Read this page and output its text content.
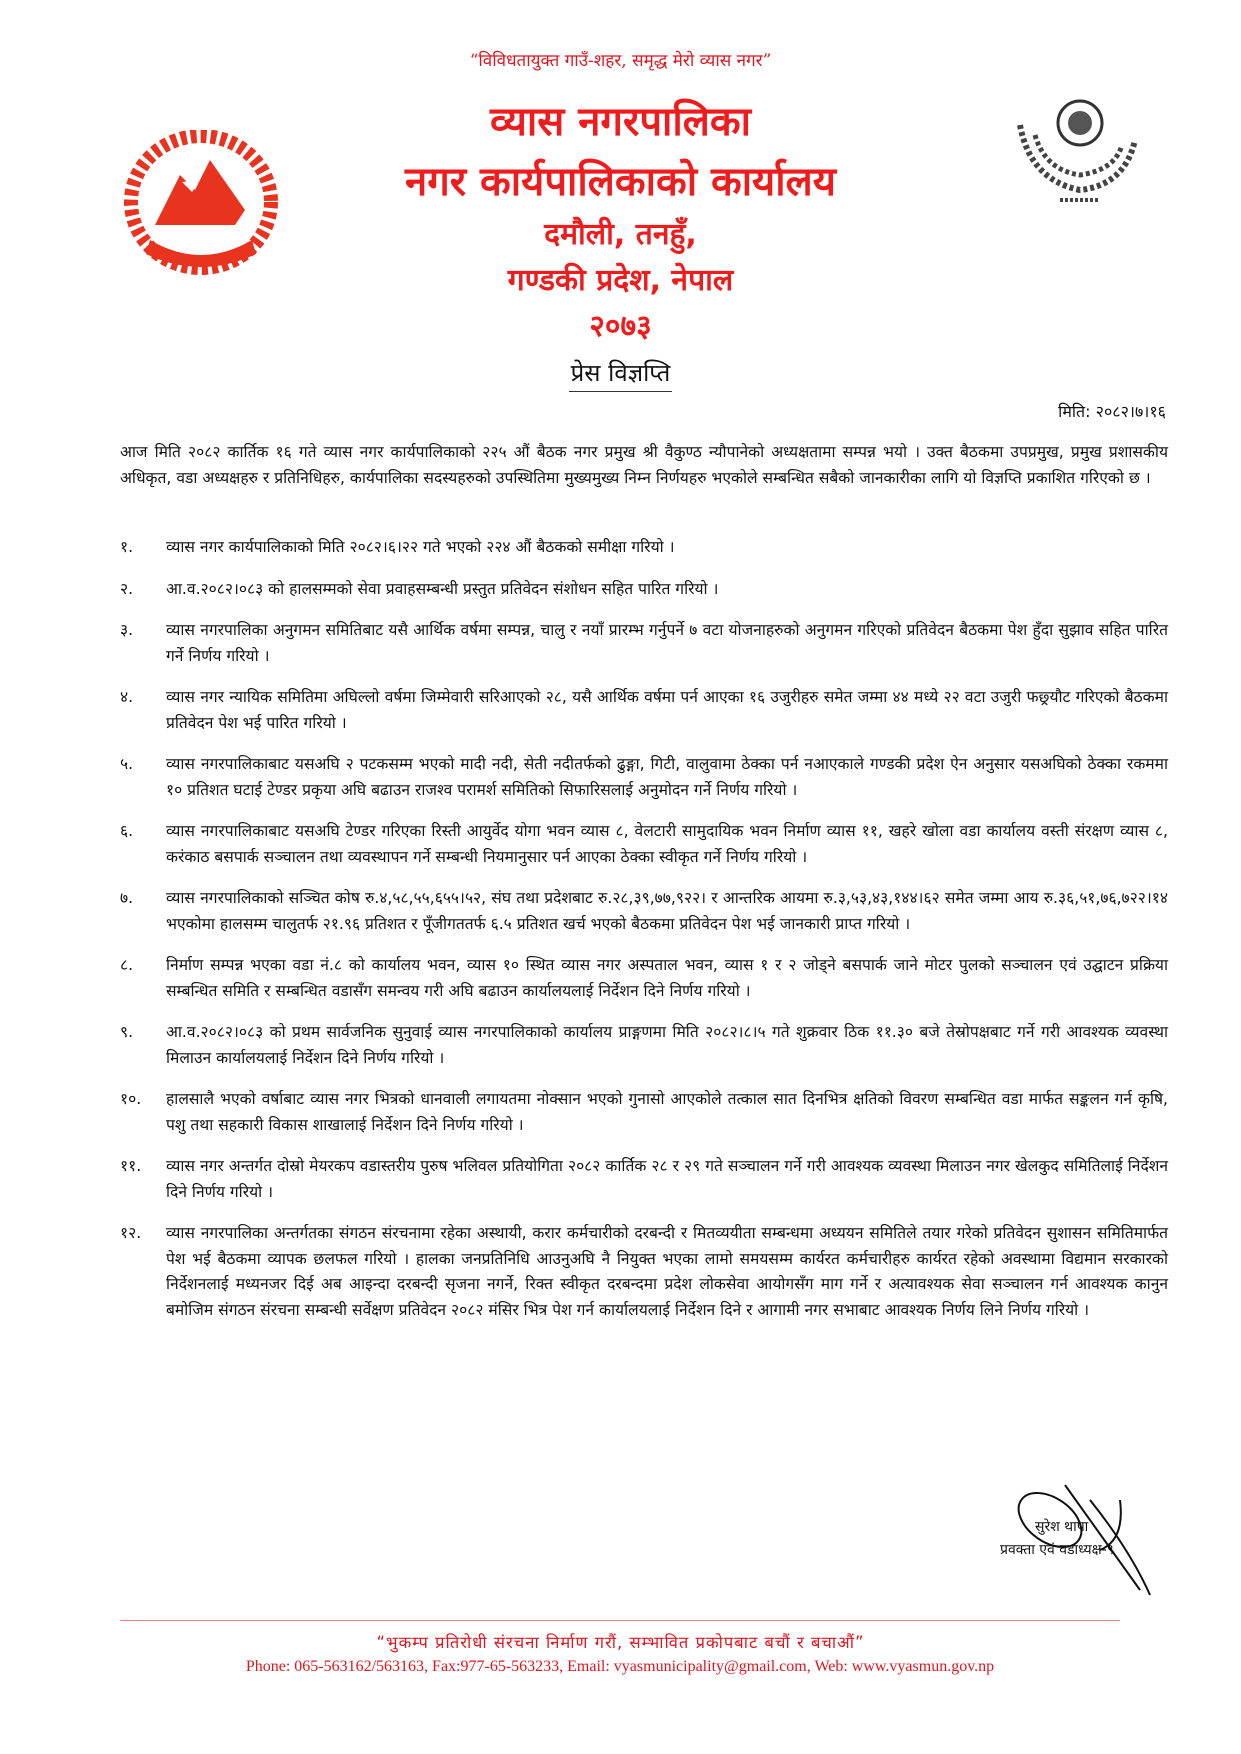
“विविधतायुक्त गाउँ-शहर, समृद्ध मेरो व्यास नगर”
व्यास नगरपालिका
नगर कार्यपालिकाको कार्यालय
दमौली, तनहुँ,
गण्डकी प्रदेश, नेपाल
२०७३
प्रेस विज्ञप्ति
मिति: २०८२।७।१६
आज मिति २०८२ कार्तिक १६ गते व्यास नगर कार्यपालिकाको २२५ औं बैठक नगर प्रमुख श्री वैकुण्ठ न्यौपानेको अध्यक्षतामा सम्पन्न भयो । उक्त बैठकमा उपप्रमुख, प्रमुख प्रशासकीय अधिकृत, वडा अध्यक्षहरु र प्रतिनिधिहरु, कार्यपालिका सदस्यहरुको उपस्थितिमा मुख्यमुख्य निम्न निर्णयहरु भएकोले सम्बन्धित सबैको जानकारीका लागि यो विज्ञप्ति प्रकाशित गरिएको छ ।
१.	व्यास नगर कार्यपालिकाको मिति २०८२।६।२२ गते भएको २२४ औं बैठकको समीक्षा गरियो ।
२.	आ.व.२०८२।०८३ को हालसम्मको सेवा प्रवाहसम्बन्धी प्रस्तुत प्रतिवेदन संशोधन सहित पारित गरियो ।
३.	व्यास नगरपालिका अनुगमन समितिबाट यसै आर्थिक वर्षमा सम्पन्न, चालु र नयाँ प्रारम्भ गर्नुपर्ने ७ वटा योजनाहरुको अनुगमन गरिएको प्रतिवेदन बैठकमा पेश हुँदा सुझाव सहित पारित गर्ने निर्णय गरियो ।
४.	व्यास नगर न्यायिक समितिमा अघिल्लो वर्षमा जिम्मेवारी सरिआएको २८, यसै आर्थिक वर्षमा पर्न आएका १६ उजुरीहरु समेत जम्मा ४४ मध्ये २२ वटा उजुरी फछ्र्यौट गरिएको बैठकमा प्रतिवेदन पेश भई पारित गरियो ।
५.	व्यास नगरपालिकाबाट यसअघि २ पटकसम्म भएको मादी नदी, सेती नदीतर्फको ढुङ्गा, गिटी, वालुवामा ठेक्का पर्न नआएकाले गण्डकी प्रदेश ऐन अनुसार यसअघिको ठेक्का रकममा १० प्रतिशत घटाई टेण्डर प्रकृया अघि बढाउन राजश्व परामर्श समितिको सिफारिसलाई अनुमोदन गर्ने निर्णय गरियो ।
६.	व्यास नगरपालिकाबाट यसअघि टेण्डर गरिएका रिस्ती आयुर्वेद योगा भवन व्यास ८, वेलटारी सामुदायिक भवन निर्माण व्यास ११, खहरे खोला वडा कार्यालय वस्ती संरक्षण व्यास ८, करंकाठ बसपार्क सञ्चालन तथा व्यवस्थापन गर्ने सम्बन्धी नियमानुसार पर्न आएका ठेक्का स्वीकृत गर्ने निर्णय गरियो ।
७.	व्यास नगरपालिकाको सञ्चित कोष रु.४,५८,५५,६५५।५२, संघ तथा प्रदेशबाट रु.२८,३९,७७,९२२। र आन्तरिक आयमा रु.३,५३,४३,१४४।६२ समेत जम्मा आय रु.३६,५१,७६,७२२।१४ भएकोमा हालसम्म चालुतर्फ २१.९६ प्रतिशत र पूँजीगततर्फ ६.५ प्रतिशत खर्च भएको बैठकमा प्रतिवेदन पेश भई जानकारी प्राप्त गरियो ।
८.	निर्माण सम्पन्न भएका वडा नं.८ को कार्यालय भवन, व्यास १० स्थित व्यास नगर अस्पताल भवन, व्यास १ र २ जोड्ने बसपार्क जाने मोटर पुलको सञ्चालन एवं उद्घाटन प्रक्रिया सम्बन्धित समिति र सम्बन्धित वडासँग समन्वय गरी अघि बढाउन कार्यालयलाई निर्देशन दिने निर्णय गरियो ।
९.	आ.व.२०८२।०८३ को प्रथम सार्वजनिक सुनुवाई व्यास नगरपालिकाको कार्यालय प्राङ्गणमा मिति २०८२।८।५ गते शुक्रवार ठिक ११.३० बजे तेस्रोपक्षबाट गर्ने गरी आवश्यक व्यवस्था मिलाउन कार्यालयलाई निर्देशन दिने निर्णय गरियो ।
१०.	हालसालै भएको वर्षाबाट व्यास नगर भित्रको धानवाली लगायतमा नोक्सान भएको गुनासो आएकोले तत्काल सात दिनभित्र क्षतिको विवरण सम्बन्धित वडा मार्फत सङ्कलन गर्न कृषि, पशु तथा सहकारी विकास शाखालाई निर्देशन दिने निर्णय गरियो ।
११.	व्यास नगर अन्तर्गत दोस्रो मेयरकप वडास्तरीय पुरुष भलिवल प्रतियोगिता २०८२ कार्तिक २८ र २९ गते सञ्चालन गर्ने गरी आवश्यक व्यवस्था मिलाउन नगर खेलकुद समितिलाई निर्देशन दिने निर्णय गरियो ।
१२.	व्यास नगरपालिका अन्तर्गतका संगठन संरचनामा रहेका अस्थायी, करार कर्मचारीको दरबन्दी र मितव्ययीता सम्बन्धमा अध्ययन समितिले तयार गरेको प्रतिवेदन सुशासन समितिमार्फत पेश भई बैठकमा व्यापक छलफल गरियो । हालका जनप्रतिनिधि आउनुअघि नै नियुक्त भएका लामो समयसम्म कार्यरत कर्मचारीहरु कार्यरत रहेको अवस्थामा विद्यमान सरकारको निर्देशनलाई मध्यनजर दिई अब आइन्दा दरबन्दी सृजना नगर्ने, रिक्त स्वीकृत दरबन्दमा प्रदेश लोकसेवा आयोगसँग माग गर्ने र अत्यावश्यक सेवा सञ्चालन गर्न आवश्यक कानुन बमोजिम संगठन संरचना सम्बन्धी सर्वेक्षण प्रतिवेदन २०८२ मंसिर भित्र पेश गर्न कार्यालयलाई निर्देशन दिने र आगामी नगर सभाबाट आवश्यक निर्णय लिने निर्णय गरियो ।
सुरेश थापा
प्रवक्ता एवं वडाध्यक्ष-९
“भुकम्प प्रतिरोधी संरचना निर्माण गरौं, सम्भावित प्रकोपबाट बचौं र बचाऔं”
Phone: 065-563162/563163, Fax:977-65-563233, Email: vyasmunicipality@gmail.com, Web: www.vyasmun.gov.np
